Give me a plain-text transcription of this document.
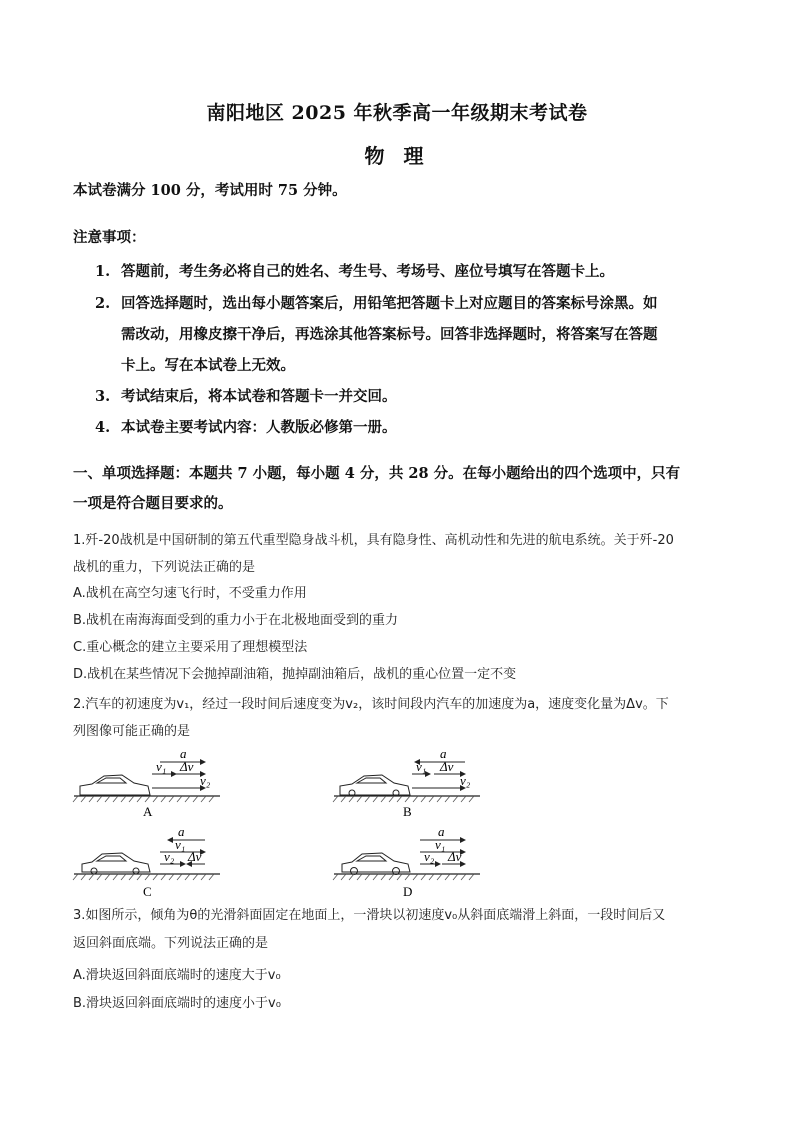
南阳地区 2025 年秋季高一年级期末考试卷
物 理
本试卷满分 100 分，考试用时 75 分钟。
注意事项：
1. 答题前，考生务必将自己的姓名、考生号、考场号、座位号填写在答题卡上。
2. 回答选择题时，选出每小题答案后，用铅笔把答题卡上对应题目的答案标号涂黑。如
需改动，用橡皮擦干净后，再选涂其他答案标号。回答非选择题时，将答案写在答题
卡上。写在本试卷上无效。
3. 考试结束后，将本试卷和答题卡一并交回。
4. 本试卷主要考试内容：人教版必修第一册。
一、单项选择题：本题共 7 小题，每小题 4 分，共 28 分。在每小题给出的四个选项中，只有
一项是符合题目要求的。
1.歼-20战机是中国研制的第五代重型隐身战斗机，具有隐身性、高机动性和先进的航电系统。关于歼-20
战机的重力，下列说法正确的是
A.战机在高空匀速飞行时，不受重力作用
B.战机在南海海面受到的重力小于在北极地面受到的重力
C.重心概念的建立主要采用了理想模型法
D.战机在某些情况下会抛掉副油箱，抛掉副油箱后，战机的重心位置一定不变
2.汽车的初速度为v₁，经过一段时间后速度变为v₂，该时间段内汽车的加速度为a，速度变化量为Δv。下
列图像可能正确的是
a
v₁ Δv
v₂
A
a
v₁ Δv
v₂
B
a
v₁
v₂ Δv
C
a
v₁
v₂ Δv
D
3.如图所示，倾角为θ的光滑斜面固定在地面上，一滑块以初速度v₀从斜面底端滑上斜面，一段时间后又
返回斜面底端。下列说法正确的是
A.滑块返回斜面底端时的速度大于v₀
B.滑块返回斜面底端时的速度小于v₀
